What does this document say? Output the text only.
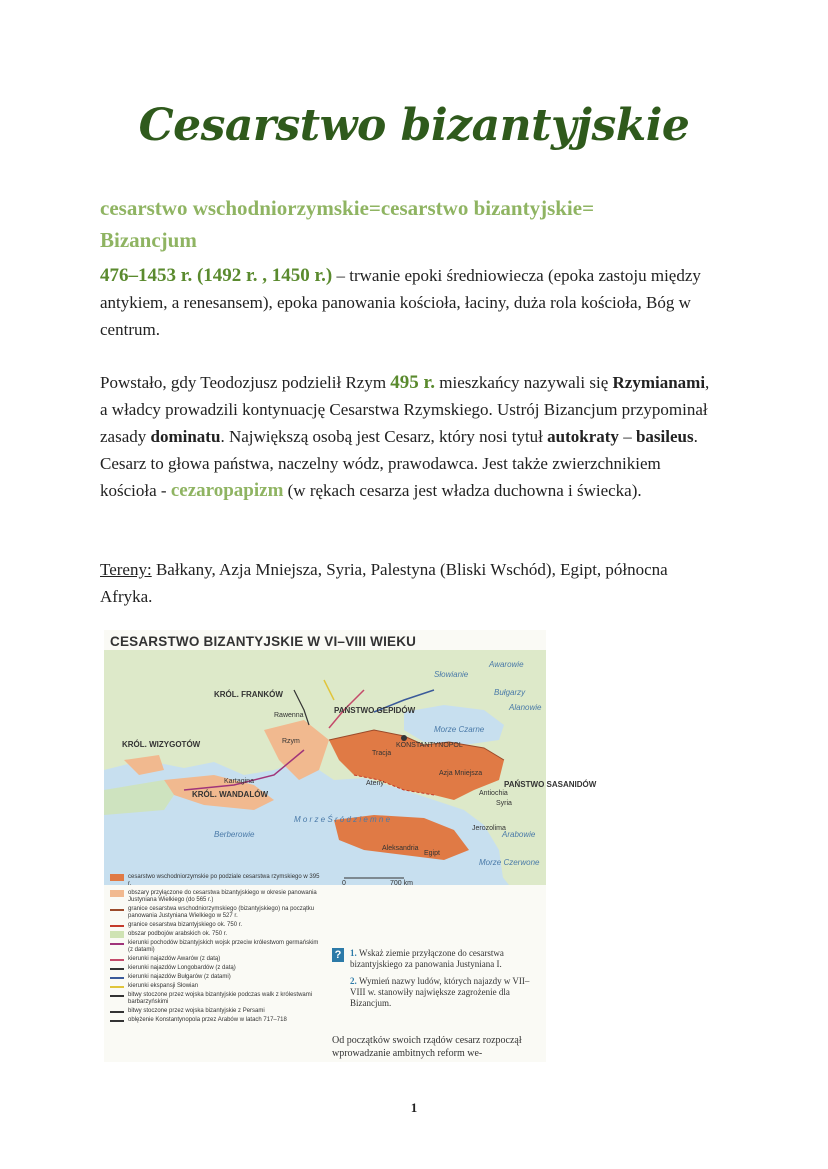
Cesarstwo bizantyjskie
cesarstwo wschodniorzymskie=cesarstwo bizantyjskie=
Bizancjum
476–1453 r. (1492 r. , 1450 r.) – trwanie epoki średniowiecza (epoka zastoju między antykiem, a renesansem), epoka panowania kościoła, łaciny, duża rola kościoła, Bóg w centrum.
Powstało, gdy Teodozjusz podzielił Rzym 495 r. mieszkańcy nazywali się Rzymianami, a władcy prowadzili kontynuację Cesarstwa Rzymskiego. Ustrój Bizancjum przypominał zasady dominatu. Największą osobą jest Cesarz, który nosi tytuł autokraty – basileus. Cesarz to głowa państwa, naczelny wódz, prawodawca. Jest także zwierzchnikiem kościoła - cezaropapizm (w rękach cesarza jest władza duchowna i świecka).
Tereny: Bałkany, Azja Mniejsza, Syria, Palestyna (Bliski Wschód), Egipt, północna Afryka.
CESARSTWO BIZANTYJSKIE W VI–VIII WIEKU
Słowianie
Bułgarzy
Awarowie
Alanowie
PAŃSTWO GEPIDÓW
KONSTANTYNOPOL
Tracja
Morze Czarne
Azja Mniejsza
PAŃSTWO SASANIDÓW
Syria
Egipt
Aleksandria
KRÓL. WIZYGOTÓW
KRÓL. WANDALÓW
KRÓL. FRANKÓW
M o r z e Ś r ó d z i e m n e
Arabowie
Berberowie
Morze Czerwone
Rawenna
Rzym
Kartagina
Antiochia
Jerozolima
Ateny
0	700 km
cesarstwo wschodniorzymskie po podziale cesarstwa rzymskiego w 395 r.
obszary przyłączone do cesarstwa bizantyjskiego w okresie panowania Justyniana Wielkiego (do 565 r.)
granice cesarstwa wschodniorzymskiego (bizantyjskiego) na początku panowania Justyniana Wielkiego w 527 r.
granice cesarstwa bizantyjskiego ok. 750 r.
obszar podbojów arabskich ok. 750 r.
kierunki pochodów bizantyjskich wojsk przeciw królestwom germańskim (z datami)
kierunki najazdów Awarów (z datą)
kierunki najazdów Longobardów (z datą)
kierunki najazdów Bułgarów (z datami)
kierunki ekspansji Słowian
bitwy stoczone przez wojska bizantyjskie podczas walk z królestwami barbarzyńskimi
bitwy stoczone przez wojska bizantyjskie z Persami
oblężenie Konstantynopola przez Arabów w latach 717–718
? 1. Wskaż ziemie przyłączone do cesarstwa bizantyjskiego za panowania Justyniana I.
2. Wymień nazwy ludów, których najazdy w VII–VIII w. stanowiły największe zagrożenie dla Bizancjum.
Od początków swoich rządów cesarz rozpoczął wprowadzanie ambitnych reform we-
1
